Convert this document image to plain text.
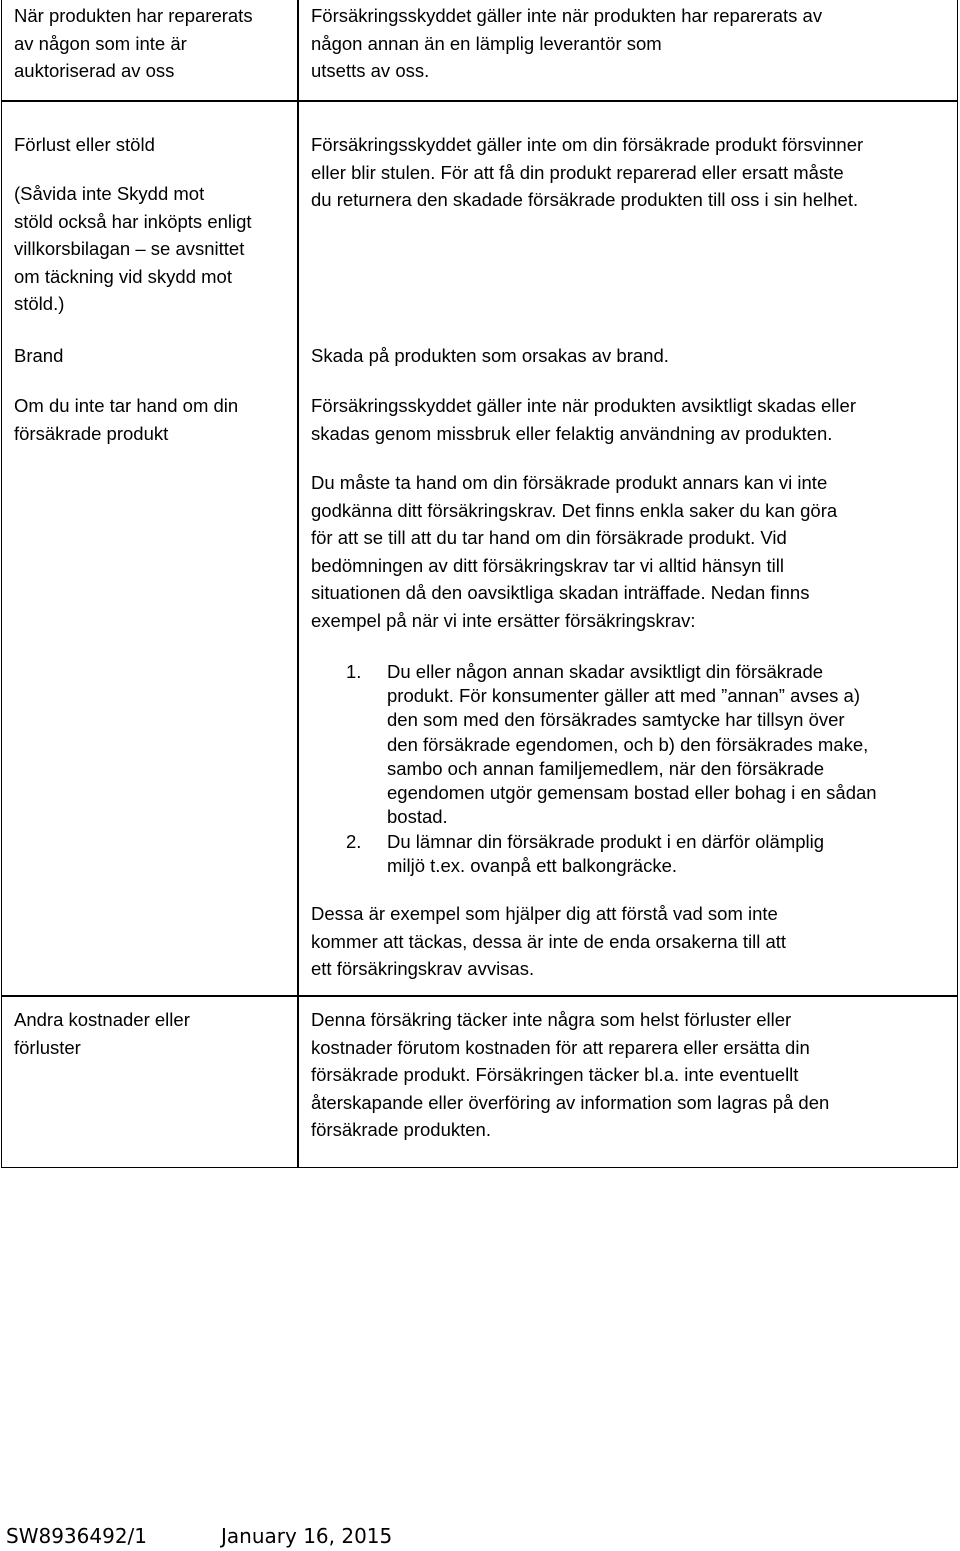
När produkten har reparerats
av någon som inte är
auktoriserad av oss
Försäkringsskyddet gäller inte när produkten har reparerats av
någon annan än en lämplig leverantör som
utsetts av oss.
Förlust eller stöld
(Såvida inte Skydd mot
stöld också har inköpts enligt
villkorsbilagan – se avsnittet
om täckning vid skydd mot
stöld.)
Försäkringsskyddet gäller inte om din försäkrade produkt försvinner
eller blir stulen. För att få din produkt reparerad eller ersatt måste
du returnera den skadade försäkrade produkten till oss i sin helhet.
Brand	Skada på produkten som orsakas av brand.
Om du inte tar hand om din
försäkrade produkt
Försäkringsskyddet gäller inte när produkten avsiktligt skadas eller
skadas genom missbruk eller felaktig användning av produkten.
Du måste ta hand om din försäkrade produkt annars kan vi inte
godkänna ditt försäkringskrav. Det finns enkla saker du kan göra
för att se till att du tar hand om din försäkrade produkt. Vid
bedömningen av ditt försäkringskrav tar vi alltid hänsyn till
situationen då den oavsiktliga skadan inträffade. Nedan finns
exempel på när vi inte ersätter försäkringskrav:
1. Du eller någon annan skadar avsiktligt din försäkrade
produkt. För konsumenter gäller att med ”annan” avses a)
den som med den försäkrades samtycke har tillsyn över
den försäkrade egendomen, och b) den försäkrades make,
sambo och annan familjemedlem, när den försäkrade
egendomen utgör gemensam bostad eller bohag i en sådan
bostad.
2. Du lämnar din försäkrade produkt i en därför olämplig
miljö t.ex. ovanpå ett balkongräcke.
Dessa är exempel som hjälper dig att förstå vad som inte
kommer att täckas, dessa är inte de enda orsakerna till att
ett försäkringskrav avvisas.
Andra kostnader eller
förluster
Denna försäkring täcker inte några som helst förluster eller
kostnader förutom kostnaden för att reparera eller ersätta din
försäkrade produkt. Försäkringen täcker bl.a. inte eventuellt
återskapande eller överföring av information som lagras på den
försäkrade produkten.
SW8936492/1	January 16, 2015
